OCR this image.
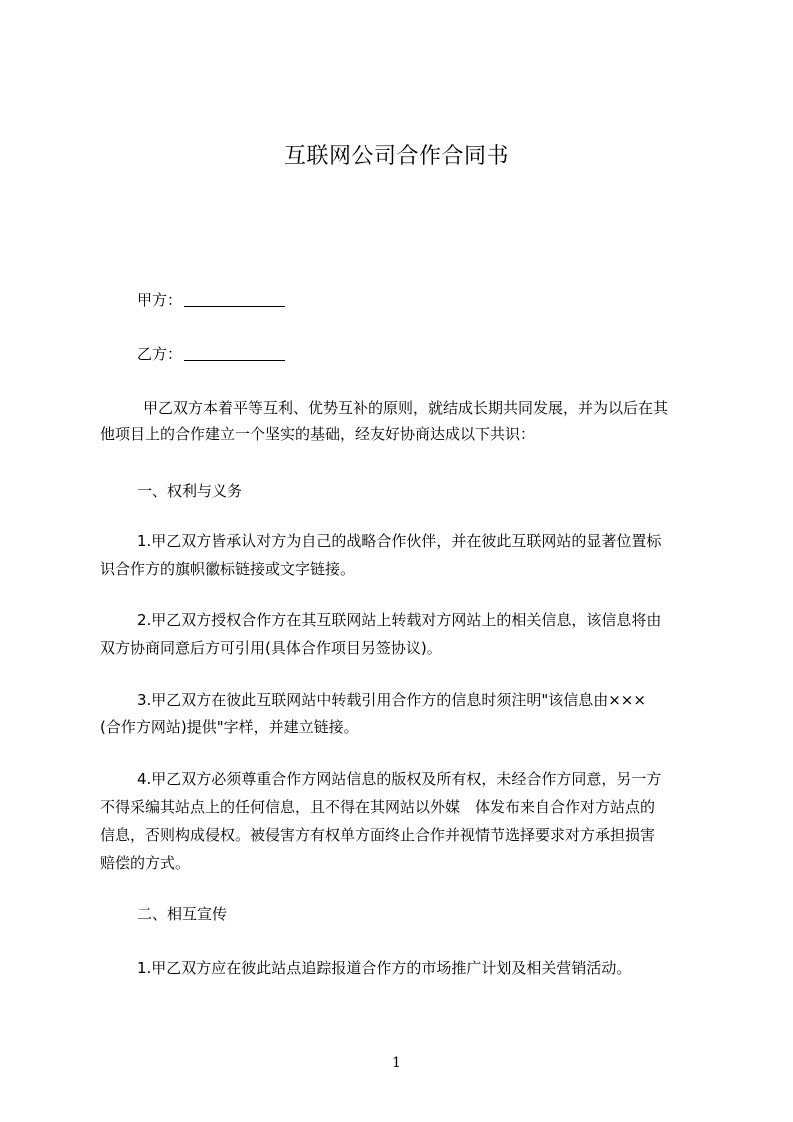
互联网公司合作合同书
甲方：
乙方：
甲乙双方本着平等互利、优势互补的原则，就结成长期共同发展，并为以后在其
他项目上的合作建立一个坚实的基础，经友好协商达成以下共识：
一、权利与义务
1.甲乙双方皆承认对方为自己的战略合作伙伴，并在彼此互联网站的显著位置标
识合作方的旗帜徽标链接或文字链接。
2.甲乙双方授权合作方在其互联网站上转载对方网站上的相关信息，该信息将由
双方协商同意后方可引用(具体合作项目另签协议)。
3.甲乙双方在彼此互联网站中转载引用合作方的信息时须注明"该信息由×××
(合作方网站)提供"字样，并建立链接。
4.甲乙双方必须尊重合作方网站信息的版权及所有权，未经合作方同意，另一方
不得采编其站点上的任何信息，且不得在其网站以外媒　体发布来自合作对方站点的
信息，否则构成侵权。被侵害方有权单方面终止合作并视情节选择要求对方承担损害
赔偿的方式。
二、相互宣传
1.甲乙双方应在彼此站点追踪报道合作方的市场推广计划及相关营销活动。
1
